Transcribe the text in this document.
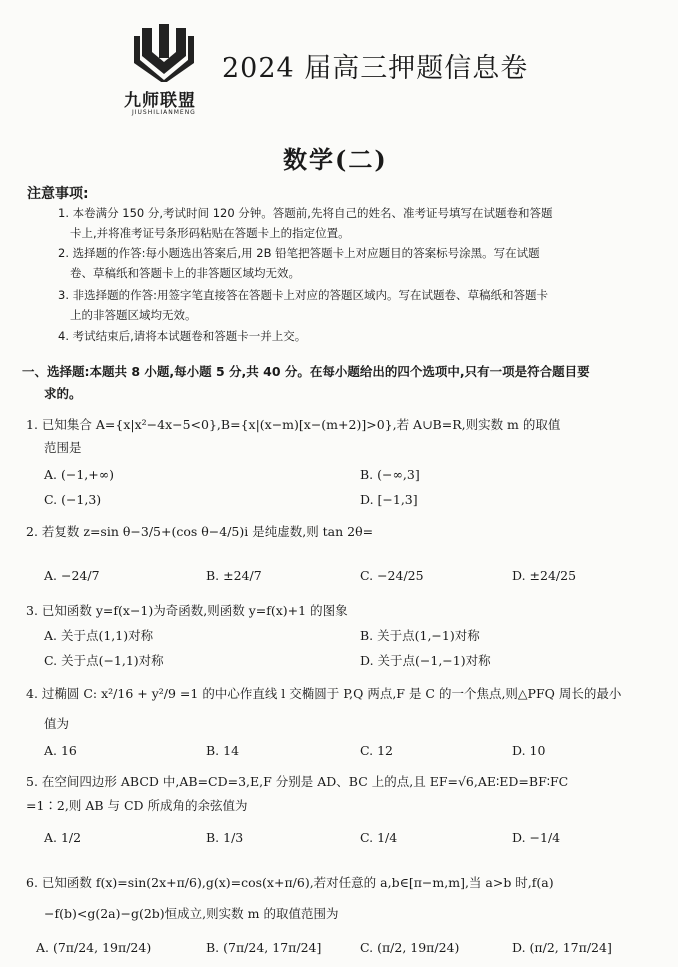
九师联盟
JIUSHILIANMENG
2024 届高三押题信息卷
数学(二)
注意事项:
1. 本卷满分 150 分,考试时间 120 分钟。答题前,先将自己的姓名、准考证号填写在试题卷和答题
卡上,并将准考证号条形码粘贴在答题卡上的指定位置。
2. 选择题的作答:每小题选出答案后,用 2B 铅笔把答题卡上对应题目的答案标号涂黑。写在试题
卷、草稿纸和答题卡上的非答题区域均无效。
3. 非选择题的作答:用签字笔直接答在答题卡上对应的答题区域内。写在试题卷、草稿纸和答题卡
上的非答题区域均无效。
4. 考试结束后,请将本试题卷和答题卡一并上交。
一、选择题:本题共 8 小题,每小题 5 分,共 40 分。在每小题给出的四个选项中,只有一项是符合题目要
求的。
1. 已知集合 A={x|x²−4x−5<0},B={x|(x−m)[x−(m+2)]>0},若 A∪B=R,则实数 m 的取值
范围是
A. (−1,+∞)	B. (−∞,3]
C. (−1,3)	D. [−1,3]
2. 若复数 z=sin θ−3/5+(cos θ−4/5)i 是纯虚数,则 tan 2θ=
A. −24/7	B. ±24/7	C. −24/25	D. ±24/25
3. 已知函数 y=f(x−1)为奇函数,则函数 y=f(x)+1 的图象
A. 关于点(1,1)对称	B. 关于点(1,−1)对称
C. 关于点(−1,1)对称	D. 关于点(−1,−1)对称
4. 过椭圆 C: x²/16 + y²/9 =1 的中心作直线 l 交椭圆于 P,Q 两点,F 是 C 的一个焦点,则△PFQ 周长的最小
值为
A. 16	B. 14	C. 12	D. 10
5. 在空间四边形 ABCD 中,AB=CD=3,E,F 分别是 AD、BC 上的点,且 EF=√6,AE∶ED=BF∶FC
=1∶2,则 AB 与 CD 所成角的余弦值为
A. 1/2	B. 1/3	C. 1/4	D. −1/4
6. 已知函数 f(x)=sin(2x+π/6),g(x)=cos(x+π/6),若对任意的 a,b∈[π−m,m],当 a>b 时,f(a)
−f(b)<g(2a)−g(2b)恒成立,则实数 m 的取值范围为
A. (7π/24, 19π/24)	B. (7π/24, 17π/24]	C. (π/2, 19π/24)	D. (π/2, 17π/24]
